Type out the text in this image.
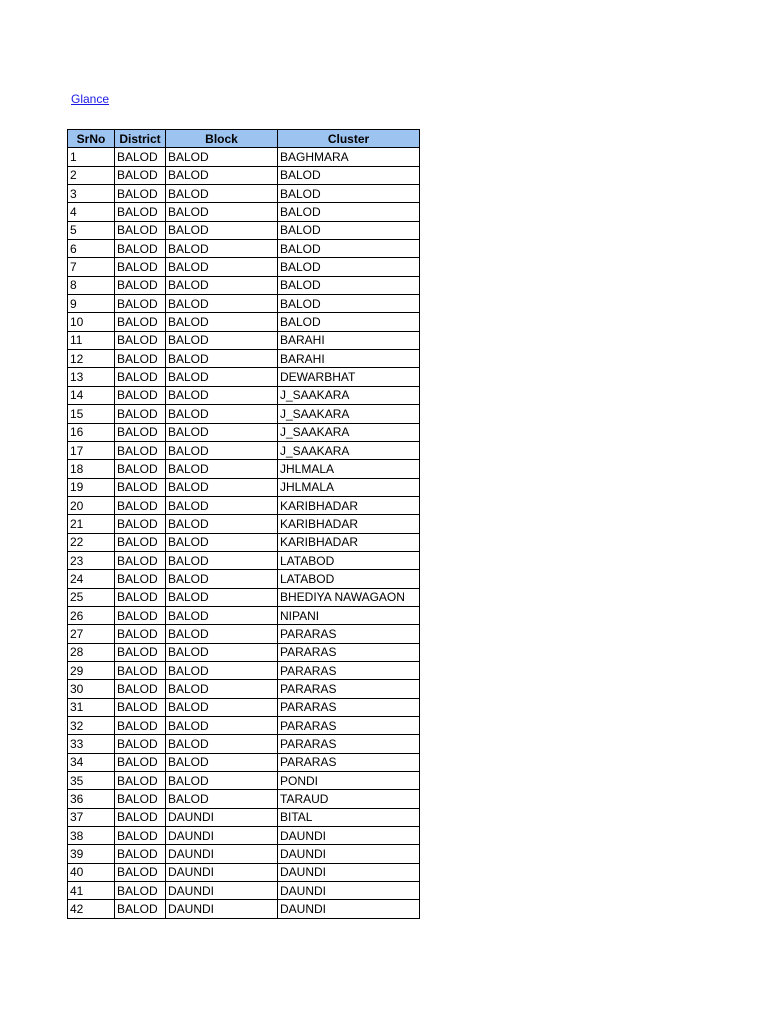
Glance
SrNo	District	Block	Cluster
1	BALOD	BALOD	BAGHMARA
2	BALOD	BALOD	BALOD
3	BALOD	BALOD	BALOD
4	BALOD	BALOD	BALOD
5	BALOD	BALOD	BALOD
6	BALOD	BALOD	BALOD
7	BALOD	BALOD	BALOD
8	BALOD	BALOD	BALOD
9	BALOD	BALOD	BALOD
10	BALOD	BALOD	BALOD
11	BALOD	BALOD	BARAHI
12	BALOD	BALOD	BARAHI
13	BALOD	BALOD	DEWARBHAT
14	BALOD	BALOD	J_SAAKARA
15	BALOD	BALOD	J_SAAKARA
16	BALOD	BALOD	J_SAAKARA
17	BALOD	BALOD	J_SAAKARA
18	BALOD	BALOD	JHLMALA
19	BALOD	BALOD	JHLMALA
20	BALOD	BALOD	KARIBHADAR
21	BALOD	BALOD	KARIBHADAR
22	BALOD	BALOD	KARIBHADAR
23	BALOD	BALOD	LATABOD
24	BALOD	BALOD	LATABOD
25	BALOD	BALOD	BHEDIYA NAWAGAON
26	BALOD	BALOD	NIPANI
27	BALOD	BALOD	PARARAS
28	BALOD	BALOD	PARARAS
29	BALOD	BALOD	PARARAS
30	BALOD	BALOD	PARARAS
31	BALOD	BALOD	PARARAS
32	BALOD	BALOD	PARARAS
33	BALOD	BALOD	PARARAS
34	BALOD	BALOD	PARARAS
35	BALOD	BALOD	PONDI
36	BALOD	BALOD	TARAUD
37	BALOD	DAUNDI	BITAL
38	BALOD	DAUNDI	DAUNDI
39	BALOD	DAUNDI	DAUNDI
40	BALOD	DAUNDI	DAUNDI
41	BALOD	DAUNDI	DAUNDI
42	BALOD	DAUNDI	DAUNDI
